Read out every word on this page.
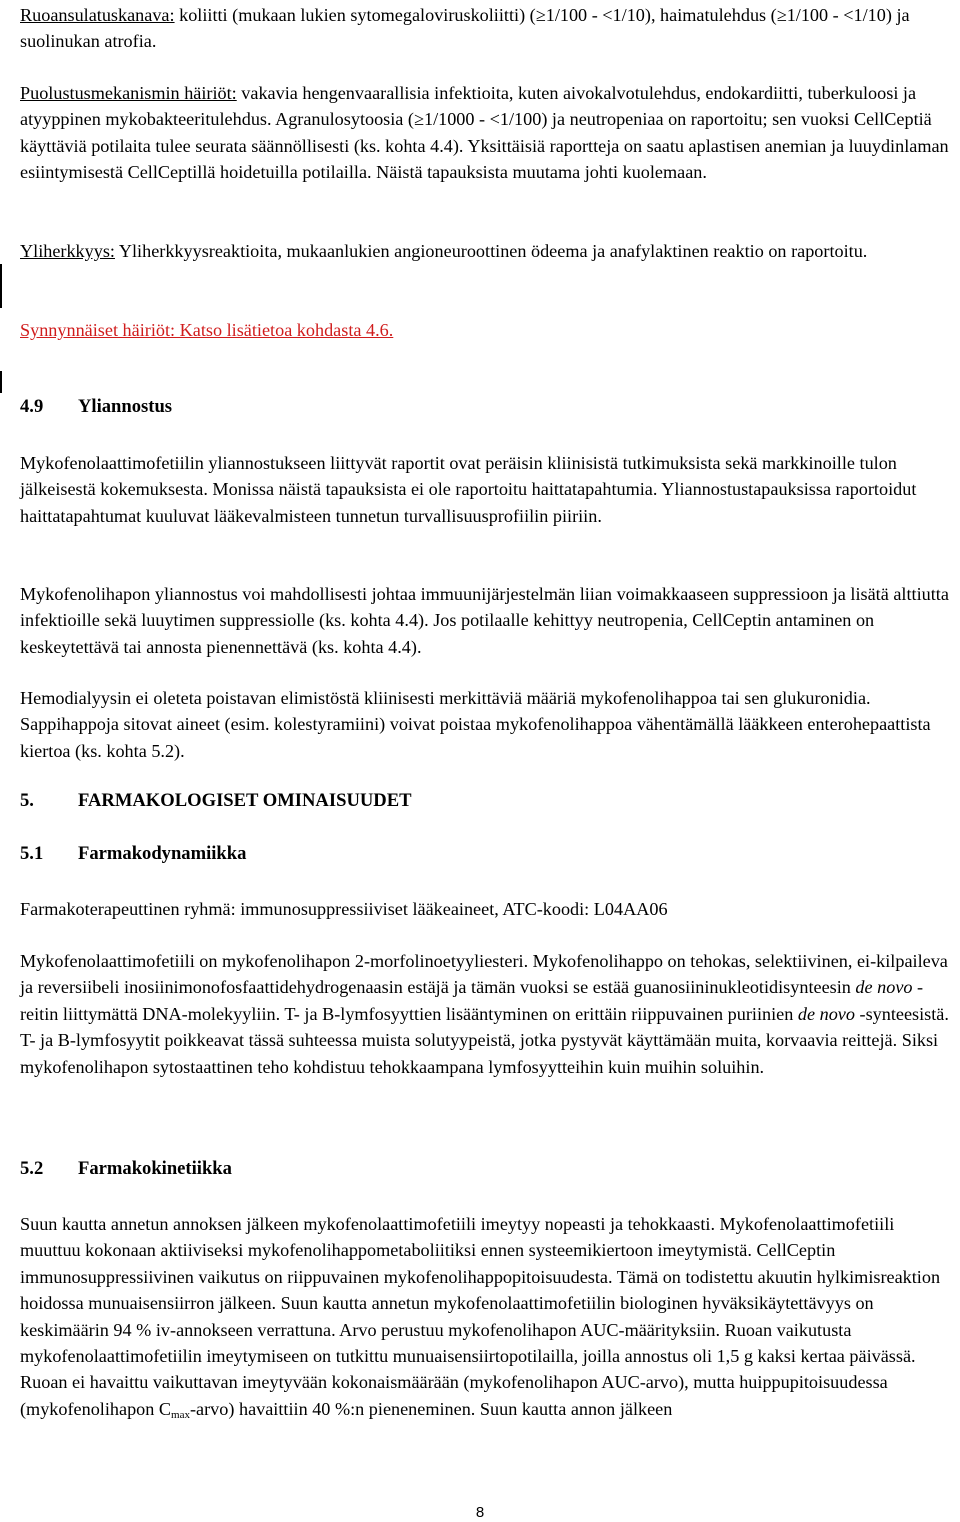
Ruoansulatuskanava: koliitti (mukaan lukien sytomegaloviruskoliitti) (≥1/100 - <1/10), haimatulehdus (≥1/100 - <1/10) ja suolinukan atrofia.

Puolustusmekanismin häiriöt: vakavia hengenvaarallisia infektioita, kuten aivokalvotulehdus, endokardiitti, tuberkuloosi ja atyyppinen mykobakteeritulehdus. Agranulosytoosia (≥1/1000 - <1/100) ja neutropeniaa on raportoitu; sen vuoksi CellCeptiä käyttäviä potilaita tulee seurata säännöllisesti (ks. kohta 4.4). Yksittäisiä raportteja on saatu aplastisen anemian ja luuydinlaman esiintymisestä CellCeptillä hoidetuilla potilailla. Näistä tapauksista muutama johti kuolemaan.

Yliherkkyys: Yliherkkyysreaktioita, mukaanlukien angioneuroottinen ödeema ja anafylaktinen reaktio on raportoitu.

Synnynnäiset häiriöt: Katso lisätietoa kohdasta 4.6.

4.9 Yliannostus

Mykofenolaattimofetiilin yliannostukseen liittyvät raportit ovat peräisin kliinisistä tutkimuksista sekä markkinoille tulon jälkeisestä kokemuksesta. Monissa näistä tapauksista ei ole raportoitu haittatapahtumia. Yliannostustapauksissa raportoidut haittatapahtumat kuuluvat lääkevalmisteen tunnetun turvallisuusprofiilin piiriin.

Mykofenolihapon yliannostus voi mahdollisesti johtaa immuunijärjestelmän liian voimakkaaseen suppressioon ja lisätä alttiutta infektioille sekä luuytimen suppressiolle (ks. kohta 4.4). Jos potilaalle kehittyy neutropenia, CellCeptin antaminen on keskeytettävä tai annosta pienennettävä (ks. kohta 4.4).

Hemodialyysin ei oleteta poistavan elimistöstä kliinisesti merkittäviä määriä mykofenolihappoa tai sen glukuronidia. Sappihappoja sitovat aineet (esim. kolestyramiini) voivat poistaa mykofenolihappoa vähentämällä lääkkeen enterohepaattista kiertoa (ks. kohta 5.2).

5. FARMAKOLOGISET OMINAISUUDET

5.1 Farmakodynamiikka

Farmakoterapeuttinen ryhmä: immunosuppressiiviset lääkeaineet, ATC-koodi: L04AA06

Mykofenolaattimofetiili on mykofenolihapon 2-morfolinoetyyliesteri. Mykofenolihappo on tehokas, selektiivinen, ei-kilpaileva ja reversiibeli inosiinimonofosfaattidehydrogenaasin estäjä ja tämän vuoksi se estää guanosiininukleotidisynteesin de novo -reitin liittymättä DNA-molekyyliin. T- ja B-lymfosyyttien lisääntyminen on erittäin riippuvainen puriinien de novo -synteesistä. T- ja B-lymfosyytit poikkeavat tässä suhteessa muista solutyypeistä, jotka pystyvät käyttämään muita, korvaavia reittejä. Siksi mykofenolihapon sytostaattinen teho kohdistuu tehokkaampana lymfosyytteihin kuin muihin soluihin.

5.2 Farmakokinetiikka

Suun kautta annetun annoksen jälkeen mykofenolaattimofetiili imeytyy nopeasti ja tehokkaasti. Mykofenolaattimofetiili muuttuu kokonaan aktiiviseksi mykofenolihappometaboliitiksi ennen systeemikiertoon imeytymistä. CellCeptin immunosuppressiivinen vaikutus on riippuvainen mykofenolihappopitoisuudesta. Tämä on todistettu akuutin hylkimisreaktion hoidossa munuaisensiirron jälkeen. Suun kautta annetun mykofenolaattimofetiilin biologinen hyväksikäytettävyys on keskimäärin 94 % iv-annokseen verrattuna. Arvo perustuu mykofenolihapon AUC-määrityksiin. Ruoan vaikutusta mykofenolaattimofetiilin imeytymiseen on tutkittu munuaisensiirtopotilailla, joilla annostus oli 1,5 g kaksi kertaa päivässä. Ruoan ei havaittu vaikuttavan imeytyvään kokonaismäärään (mykofenolihapon AUC-arvo), mutta huippupitoisuudessa (mykofenolihapon $C_{max}-arvo$) havaittiin 40 %:n pieneneminen. Suun kautta annon jälkeen

8
